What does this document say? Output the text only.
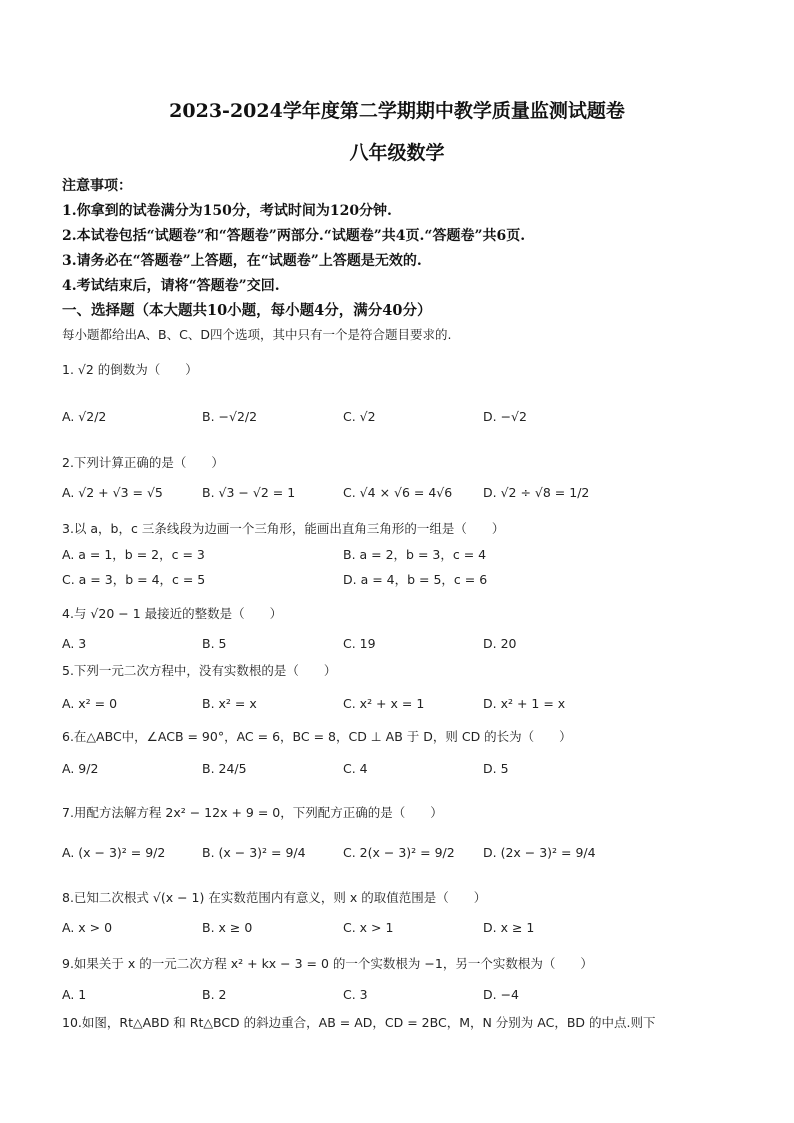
2023-2024学年度第二学期期中教学质量监测试题卷
八年级数学
注意事项：
1.你拿到的试卷满分为150分，考试时间为120分钟.
2.本试卷包括“试题卷”和“答题卷”两部分.“试题卷”共4页.“答题卷”共6页.
3.请务必在“答题卷”上答题，在“试题卷”上答题是无效的.
4.考试结束后，请将“答题卷”交回.
一、选择题（本大题共10小题，每小题4分，满分40分）
每小题都给出A、B、C、D四个选项，其中只有一个是符合题目要求的.
1. √2 的倒数为（　　）
A. √2/2	B. −√2/2	C. √2	D. −√2
2.下列计算正确的是（　　）
A. √2 + √3 = √5	B. √3 − √2 = 1	C. √4 × √6 = 4√6 D. √2 ÷ √8 = 1/2
3.以 a，b，c 三条线段为边画一个三角形，能画出直角三角形的一组是（　　）
A. a = 1，b = 2，c = 3	B. a = 2，b = 3，c = 4
C. a = 3，b = 4，c = 5	D. a = 4，b = 5，c = 6
4.与 √20 − 1 最接近的整数是（　　）
A. 3	B. 5	C. 19	D. 20
5.下列一元二次方程中，没有实数根的是（　　）
A. x² = 0	B. x² = x	C. x² + x = 1	D. x² + 1 = x
6.在△ABC中，∠ACB = 90°，AC = 6，BC = 8，CD ⊥ AB 于 D，则 CD 的长为（　　）
A. 9/2	B. 24/5	C. 4	D. 5
7.用配方法解方程 2x² − 12x + 9 = 0，下列配方正确的是（　　）
A. (x − 3)² = 9/2	B. (x − 3)² = 9/4	C. 2(x − 3)² = 9/2 D. (2x − 3)² = 9/4
8.已知二次根式 √(x − 1) 在实数范围内有意义，则 x 的取值范围是（　　）
A. x > 0	B. x ≥ 0	C. x > 1	D. x ≥ 1
9.如果关于 x 的一元二次方程 x² + kx − 3 = 0 的一个实数根为 −1，另一个实数根为（　　）
A. 1	B. 2	C. 3	D. −4
10.如图，Rt△ABD 和 Rt△BCD 的斜边重合，AB = AD，CD = 2BC，M，N 分别为 AC，BD 的中点.则下
